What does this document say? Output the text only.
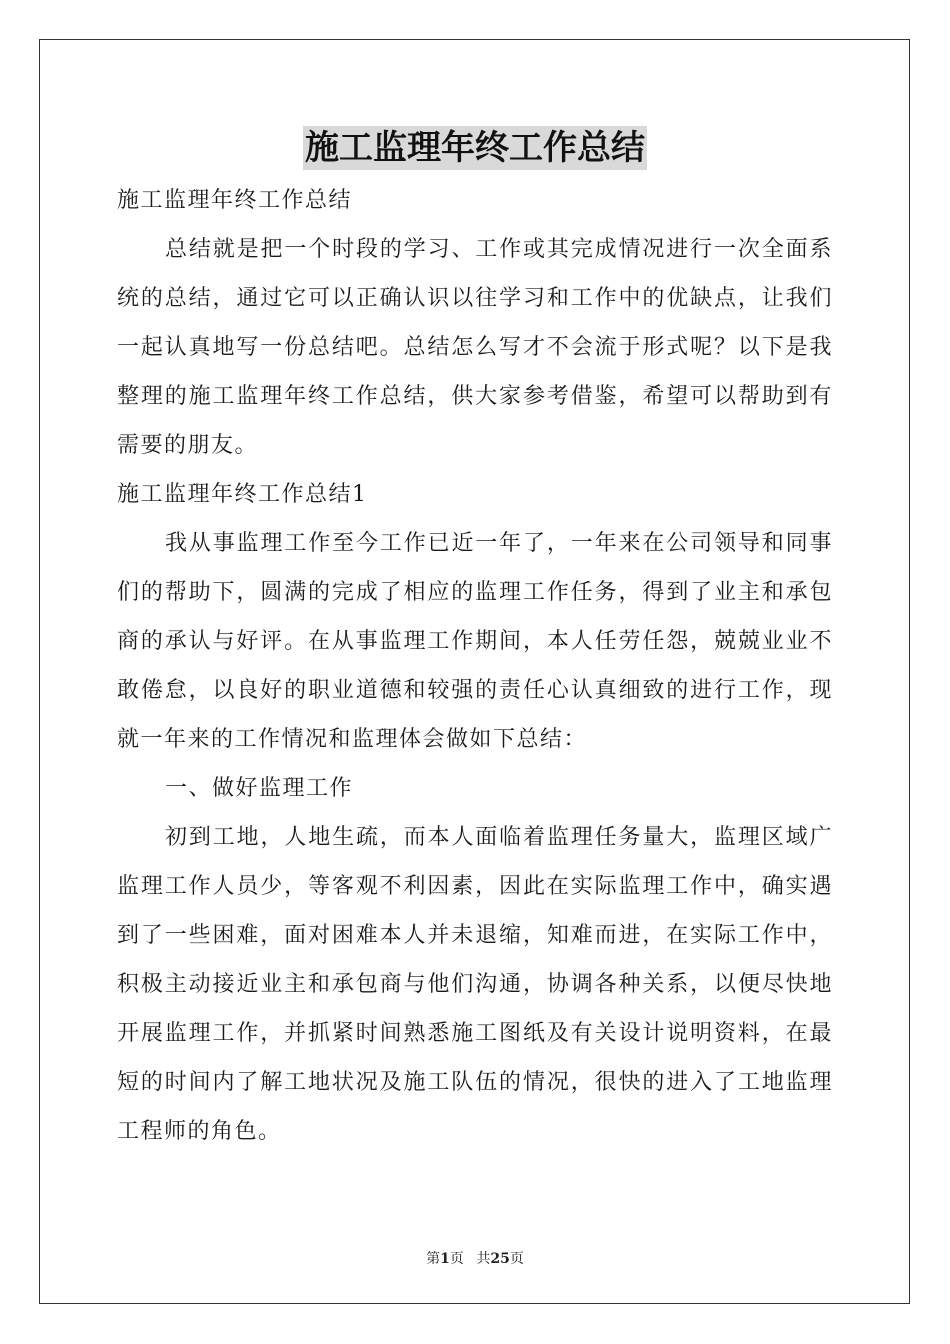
施工监理年终工作总结

施工监理年终工作总结

总结就是把一个时段的学习、工作或其完成情况进行一次全面系统的总结，通过它可以正确认识以往学习和工作中的优缺点，让我们一起认真地写一份总结吧。总结怎么写才不会流于形式呢？以下是我整理的施工监理年终工作总结，供大家参考借鉴，希望可以帮助到有需要的朋友。

施工监理年终工作总结1

我从事监理工作至今工作已近一年了，一年来在公司领导和同事们的帮助下，圆满的完成了相应的监理工作任务，得到了业主和承包商的承认与好评。在从事监理工作期间，本人任劳任怨，兢兢业业不敢倦怠，以良好的职业道德和较强的责任心认真细致的进行工作，现就一年来的工作情况和监理体会做如下总结：

一、做好监理工作

初到工地，人地生疏，而本人面临着监理任务量大，监理区域广监理工作人员少，等客观不利因素，因此在实际监理工作中，确实遇到了一些困难，面对困难本人并未退缩，知难而进，在实际工作中，积极主动接近业主和承包商与他们沟通，协调各种关系，以便尽快地开展监理工作，并抓紧时间熟悉施工图纸及有关设计说明资料，在最短的时间内了解工地状况及施工队伍的情况，很快的进入了工地监理工程师的角色。

第1页 共25页
